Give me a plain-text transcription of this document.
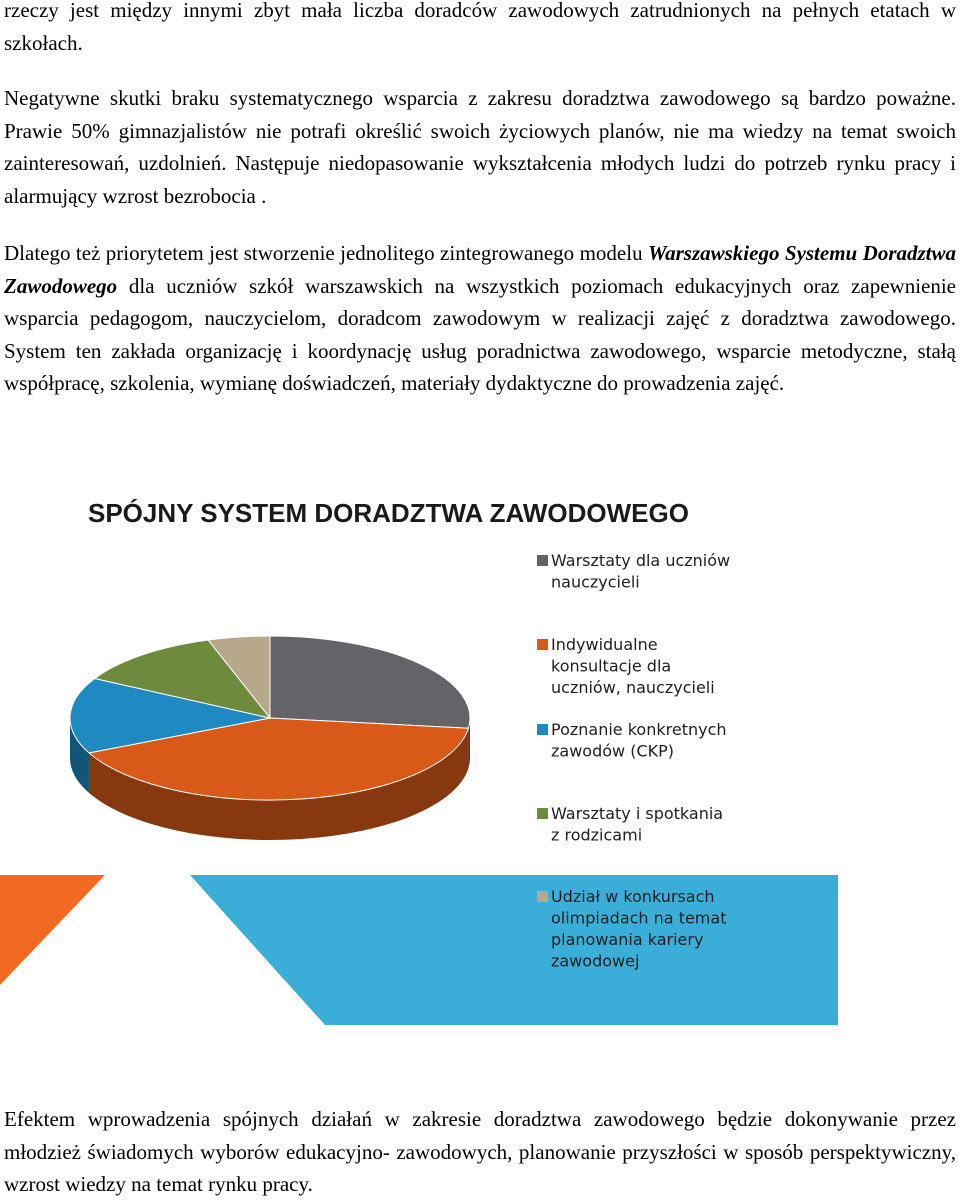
rzeczy jest między innymi zbyt mała liczba doradców zawodowych zatrudnionych na pełnych etatach w szkołach.

Negatywne skutki braku systematycznego wsparcia z zakresu doradztwa zawodowego są bardzo poważne. Prawie 50% gimnazjalistów nie potrafi określić swoich życiowych planów, nie ma wiedzy na temat swoich zainteresowań, uzdolnień. Następuje niedopasowanie wykształcenia młodych ludzi do potrzeb rynku pracy i alarmujący wzrost bezrobocia .

Dlatego też priorytetem jest stworzenie jednolitego zintegrowanego modelu Warszawskiego Systemu Doradztwa Zawodowego dla uczniów szkół warszawskich na wszystkich poziomach edukacyjnych oraz zapewnienie wsparcia pedagogom, nauczycielom, doradcom zawodowym w realizacji zajęć z doradztwa zawodowego. System ten zakłada organizację i koordynację usług poradnictwa zawodowego, wsparcie metodyczne, stałą współpracę, szkolenia, wymianę doświadczeń, materiały dydaktyczne do prowadzenia zajęć.

SPÓJNY SYSTEM DORADZTWA ZAWODOWEGO
Warsztaty dla uczniów
nauczycieli
Indywidualne
konsultacje dla
uczniów, nauczycieli
Poznanie konkretnych
zawodów (CKP)
Warsztaty i spotkania
z rodzicami
Udział w konkursach
olimpiadach na temat
planowania kariery
zawodowej

Efektem wprowadzenia spójnych działań w zakresie doradztwa zawodowego będzie dokonywanie przez młodzież świadomych wyborów edukacyjno- zawodowych, planowanie przyszłości w sposób perspektywiczny, wzrost wiedzy na temat rynku pracy.
